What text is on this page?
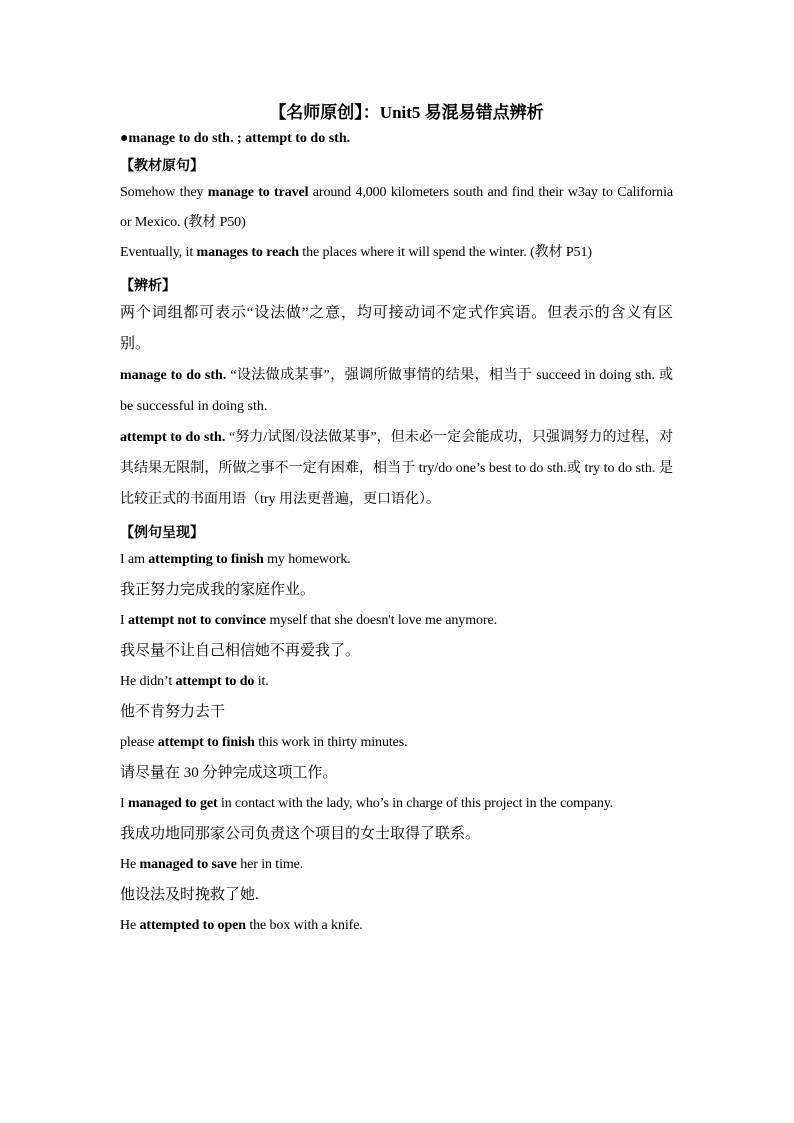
【名师原创】：Unit5 易混易错点辨析

●manage to do sth. ; attempt to do sth.

【教材原句】

Somehow they manage to travel around 4,000 kilometers south and find their w3ay to California or Mexico. (教材 P50)

Eventually, it manages to reach the places where it will spend the winter. (教材 P51)

【辨析】

两个词组都可表示“设法做”之意，均可接动词不定式作宾语。但表示的含义有区别。

manage to do sth. “设法做成某事”，强调所做事情的结果，相当于 succeed in doing sth. 或 be successful in doing sth.

attempt to do sth. “努力/试图/设法做某事”，但未必一定会能成功，只强调努力的过程，对其结果无限制，所做之事不一定有困难，相当于 try/do one’s best to do sth.或 try to do sth. 是比较正式的书面用语（try 用法更普遍，更口语化）。

【例句呈现】

I am attempting to finish my homework.

我正努力完成我的家庭作业。

I attempt not to convince myself that she doesn't love me anymore.

我尽量不让自己相信她不再爱我了。

He didn’t attempt to do it.

他不肯努力去干

please attempt to finish this work in thirty minutes.

请尽量在 30 分钟完成这项工作。

I managed to get in contact with the lady, who’s in charge of this project in the company.

我成功地同那家公司负责这个项目的女士取得了联系。

He managed to save her in time.

他设法及时挽救了她.

He attempted to open the box with a knife.
